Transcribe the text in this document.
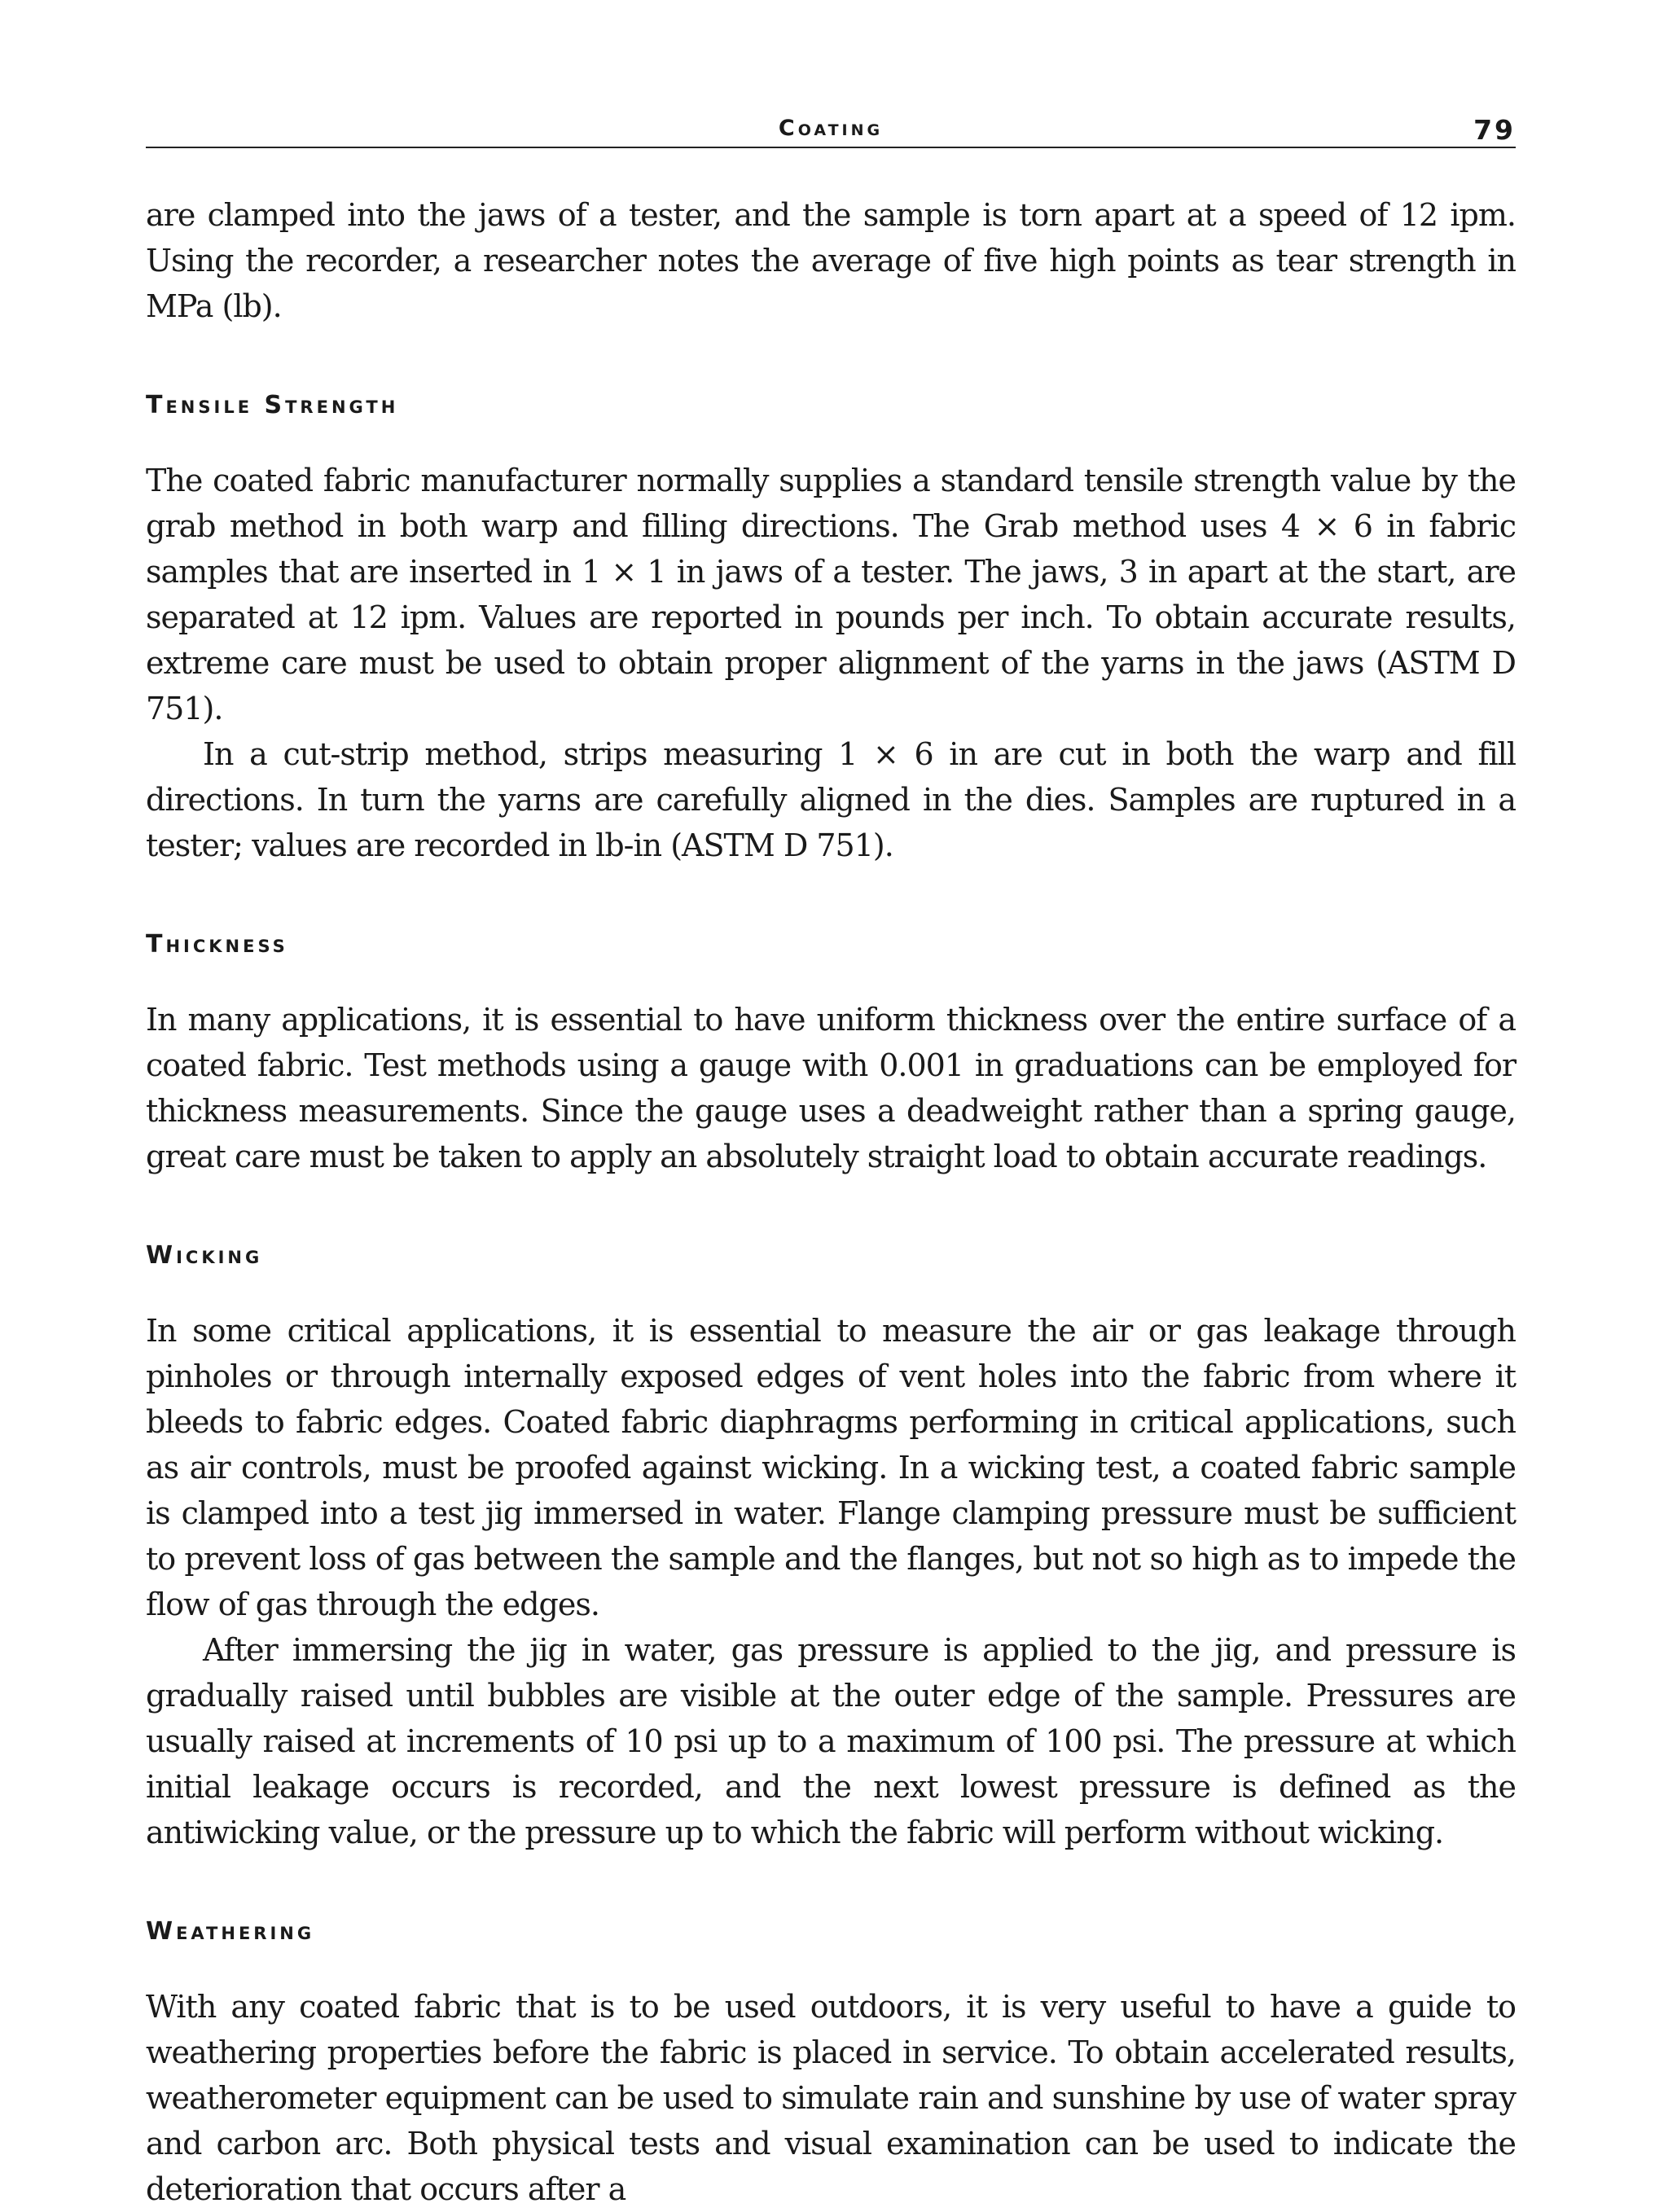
Coating	79

are clamped into the jaws of a tester, and the sample is torn apart at a speed of 12 ipm. Using the recorder, a researcher notes the average of five high points as tear strength in MPa (lb).

Tensile Strength

The coated fabric manufacturer normally supplies a standard tensile strength value by the grab method in both warp and filling directions. The Grab method uses 4 × 6 in fabric samples that are inserted in 1 × 1 in jaws of a tester. The jaws, 3 in apart at the start, are separated at 12 ipm. Values are reported in pounds per inch. To obtain accurate results, extreme care must be used to obtain proper alignment of the yarns in the jaws (ASTM D 751).

In a cut-strip method, strips measuring 1 × 6 in are cut in both the warp and fill directions. In turn the yarns are carefully aligned in the dies. Samples are ruptured in a tester; values are recorded in lb-in (ASTM D 751).

Thickness

In many applications, it is essential to have uniform thickness over the entire surface of a coated fabric. Test methods using a gauge with 0.001 in graduations can be employed for thickness measurements. Since the gauge uses a deadweight rather than a spring gauge, great care must be taken to apply an absolutely straight load to obtain accurate readings.

Wicking

In some critical applications, it is essential to measure the air or gas leakage through pinholes or through internally exposed edges of vent holes into the fabric from where it bleeds to fabric edges. Coated fabric diaphragms performing in critical applications, such as air controls, must be proofed against wicking. In a wicking test, a coated fabric sample is clamped into a test jig immersed in water. Flange clamping pressure must be sufficient to prevent loss of gas between the sample and the flanges, but not so high as to impede the flow of gas through the edges.

After immersing the jig in water, gas pressure is applied to the jig, and pressure is gradually raised until bubbles are visible at the outer edge of the sample. Pressures are usually raised at increments of 10 psi up to a maximum of 100 psi. The pressure at which initial leakage occurs is recorded, and the next lowest pressure is defined as the antiwicking value, or the pressure up to which the fabric will perform without wicking.

Weathering

With any coated fabric that is to be used outdoors, it is very useful to have a guide to weathering properties before the fabric is placed in service. To obtain accelerated results, weatherometer equipment can be used to simulate rain and sunshine by use of water spray and carbon arc. Both physical tests and visual examination can be used to indicate the deterioration that occurs after a
